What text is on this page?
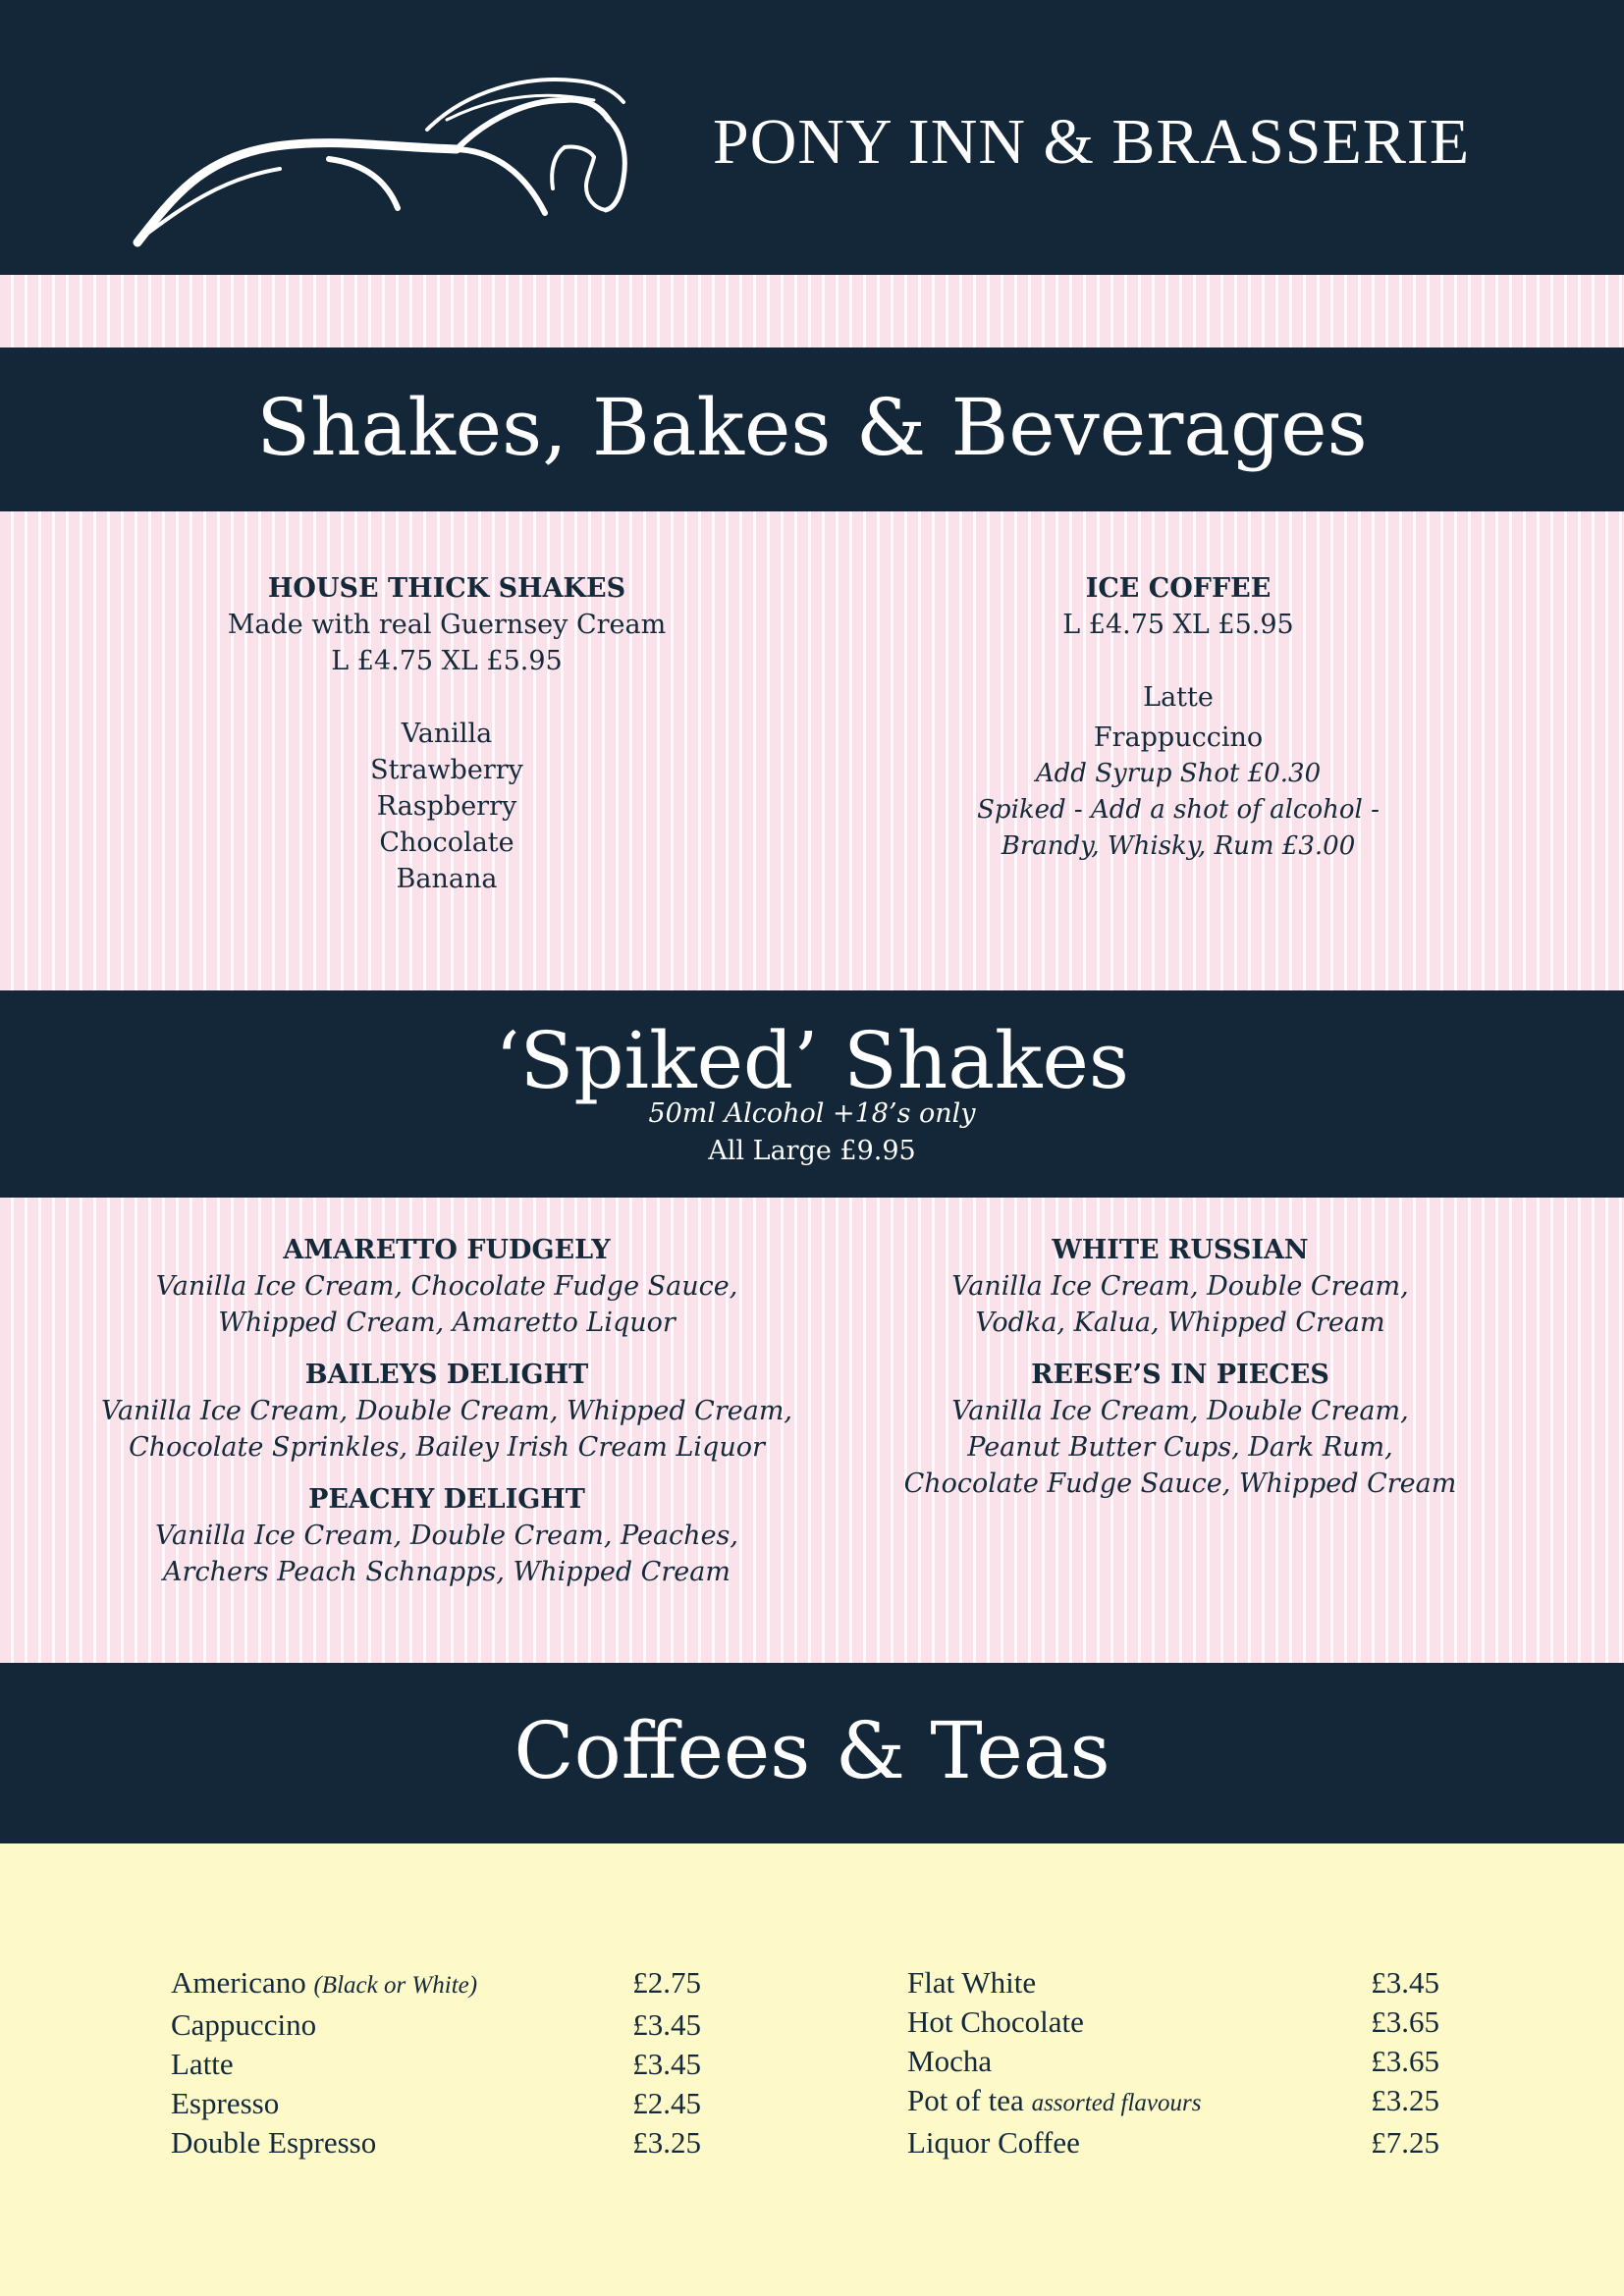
PONY INN & BRASSERIE
Shakes, Bakes & Beverages
HOUSE THICK SHAKES
Made with real Guernsey Cream
L £4.75 XL £5.95
Vanilla
Strawberry
Raspberry
Chocolate
Banana
ICE COFFEE
L £4.75 XL £5.95
Latte
Frappuccino
Add Syrup Shot £0.30
Spiked - Add a shot of alcohol -
Brandy, Whisky, Rum £3.00
‘Spiked’ Shakes
50ml Alcohol +18’s only
All Large £9.95
AMARETTO FUDGELY
Vanilla Ice Cream, Chocolate Fudge Sauce,
Whipped Cream, Amaretto Liquor
BAILEYS DELIGHT
Vanilla Ice Cream, Double Cream, Whipped Cream,
Chocolate Sprinkles, Bailey Irish Cream Liquor
PEACHY DELIGHT
Vanilla Ice Cream, Double Cream, Peaches,
Archers Peach Schnapps, Whipped Cream
WHITE RUSSIAN
Vanilla Ice Cream, Double Cream,
Vodka, Kalua, Whipped Cream
REESE’S IN PIECES
Vanilla Ice Cream, Double Cream,
Peanut Butter Cups, Dark Rum,
Chocolate Fudge Sauce, Whipped Cream
Coffees & Teas
Americano (Black or White)	£2.75
Cappuccino	£3.45
Latte	£3.45
Espresso	£2.45
Double Espresso	£3.25
Flat White	£3.45
Hot Chocolate	£3.65
Mocha	£3.65
Pot of tea assorted flavours	£3.25
Liquor Coffee	£7.25
